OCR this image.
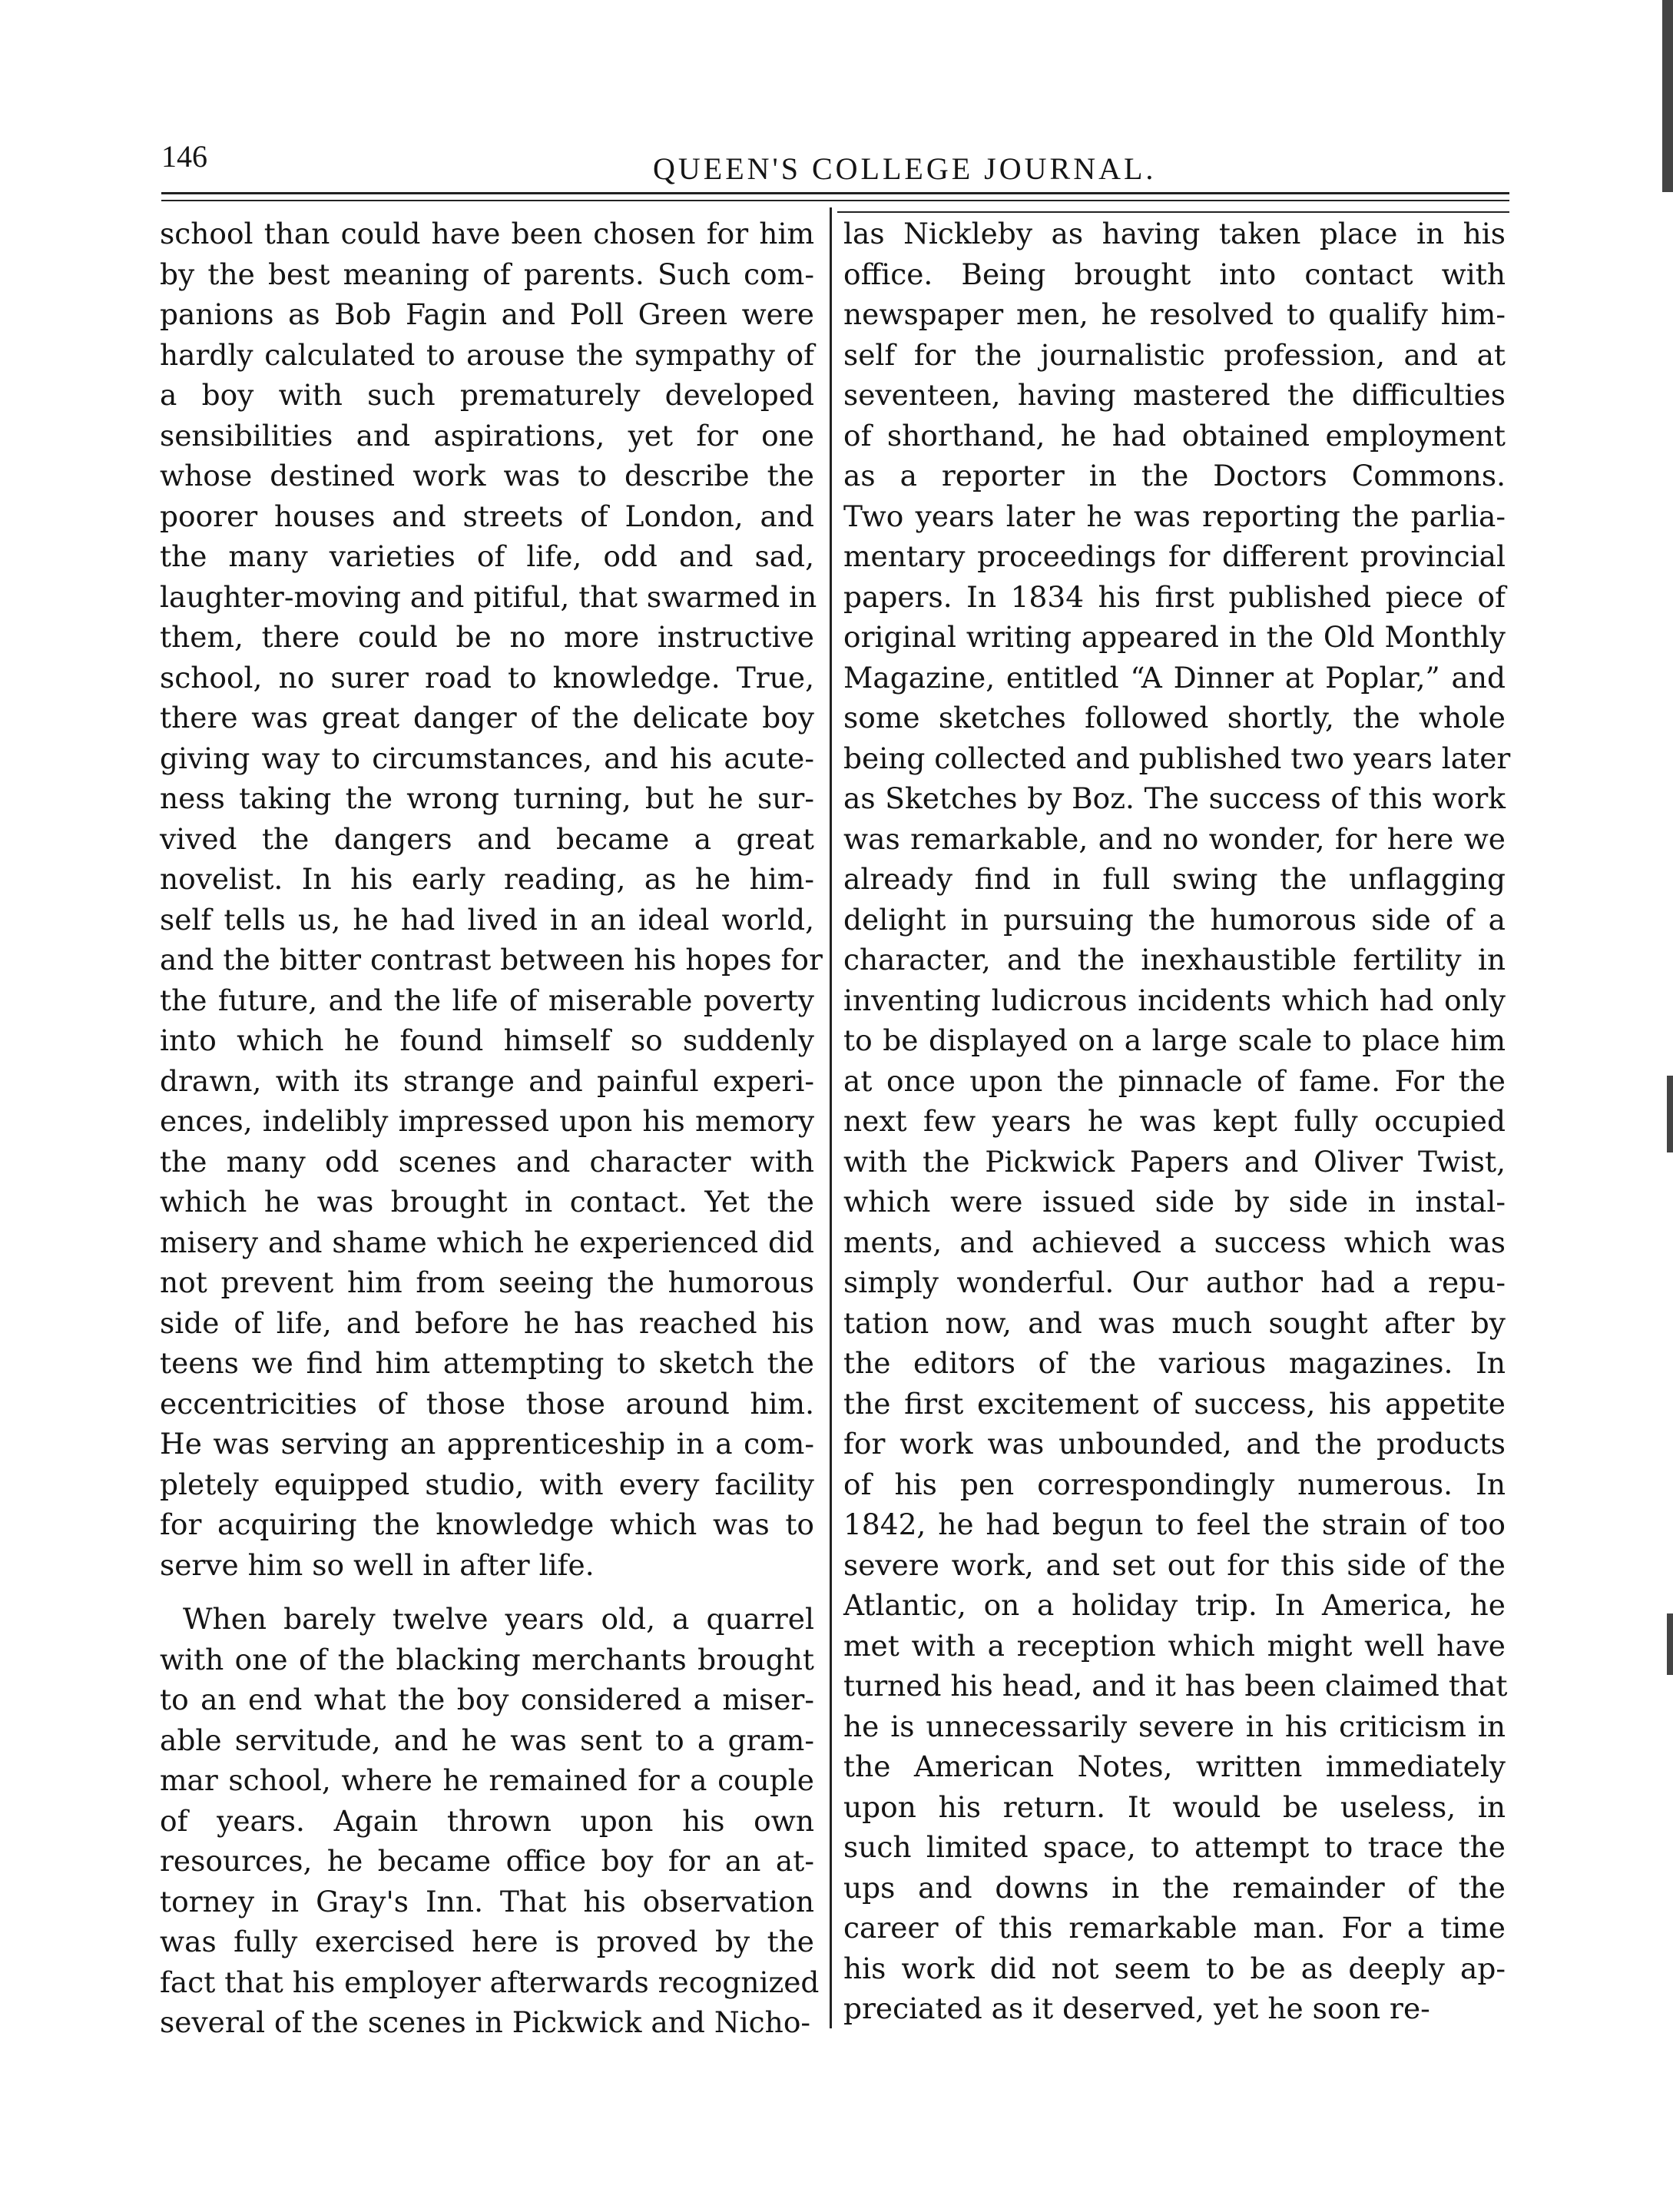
146	QUEEN'S COLLEGE JOURNAL.
school than could have been chosen for him
by the best meaning of parents. Such com-
panions as Bob Fagin and Poll Green were
hardly calculated to arouse the sympathy of
a boy with such prematurely developed
sensibilities and aspirations, yet for one
whose destined work was to describe the
poorer houses and streets of London, and
the many varieties of life, odd and sad,
laughter-moving and pitiful, that swarmed in
them, there could be no more instructive
school, no surer road to knowledge. True,
there was great danger of the delicate boy
giving way to circumstances, and his acute-
ness taking the wrong turning, but he sur-
vived the dangers and became a great
novelist. In his early reading, as he him-
self tells us, he had lived in an ideal world,
and the bitter contrast between his hopes for
the future, and the life of miserable poverty
into which he found himself so suddenly
drawn, with its strange and painful experi-
ences, indelibly impressed upon his memory
the many odd scenes and character with
which he was brought in contact. Yet the
misery and shame which he experienced did
not prevent him from seeing the humorous
side of life, and before he has reached his
teens we find him attempting to sketch the
eccentricities of those those around him.
He was serving an apprenticeship in a com-
pletely equipped studio, with every facility
for acquiring the knowledge which was to
serve him so well in after life.
When barely twelve years old, a quarrel
with one of the blacking merchants brought
to an end what the boy considered a miser-
able servitude, and he was sent to a gram-
mar school, where he remained for a couple
of years. Again thrown upon his own
resources, he became office boy for an at-
torney in Gray's Inn. That his observation
was fully exercised here is proved by the
fact that his employer afterwards recognized
several of the scenes in Pickwick and Nicho-
las Nickleby as having taken place in his
office. Being brought into contact with
newspaper men, he resolved to qualify him-
self for the journalistic profession, and at
seventeen, having mastered the difficulties
of shorthand, he had obtained employment
as a reporter in the Doctors Commons.
Two years later he was reporting the parlia-
mentary proceedings for different provincial
papers. In 1834 his first published piece of
original writing appeared in the Old Monthly
Magazine, entitled “A Dinner at Poplar,” and
some sketches followed shortly, the whole
being collected and published two years later
as Sketches by Boz. The success of this work
was remarkable, and no wonder, for here we
already find in full swing the unflagging
delight in pursuing the humorous side of a
character, and the inexhaustible fertility in
inventing ludicrous incidents which had only
to be displayed on a large scale to place him
at once upon the pinnacle of fame. For the
next few years he was kept fully occupied
with the Pickwick Papers and Oliver Twist,
which were issued side by side in instal-
ments, and achieved a success which was
simply wonderful. Our author had a repu-
tation now, and was much sought after by
the editors of the various magazines. In
the first excitement of success, his appetite
for work was unbounded, and the products
of his pen correspondingly numerous. In
1842, he had begun to feel the strain of too
severe work, and set out for this side of the
Atlantic, on a holiday trip. In America, he
met with a reception which might well have
turned his head, and it has been claimed that
he is unnecessarily severe in his criticism in
the American Notes, written immediately
upon his return. It would be useless, in
such limited space, to attempt to trace the
ups and downs in the remainder of the
career of this remarkable man. For a time
his work did not seem to be as deeply ap-
preciated as it deserved, yet he soon re-
